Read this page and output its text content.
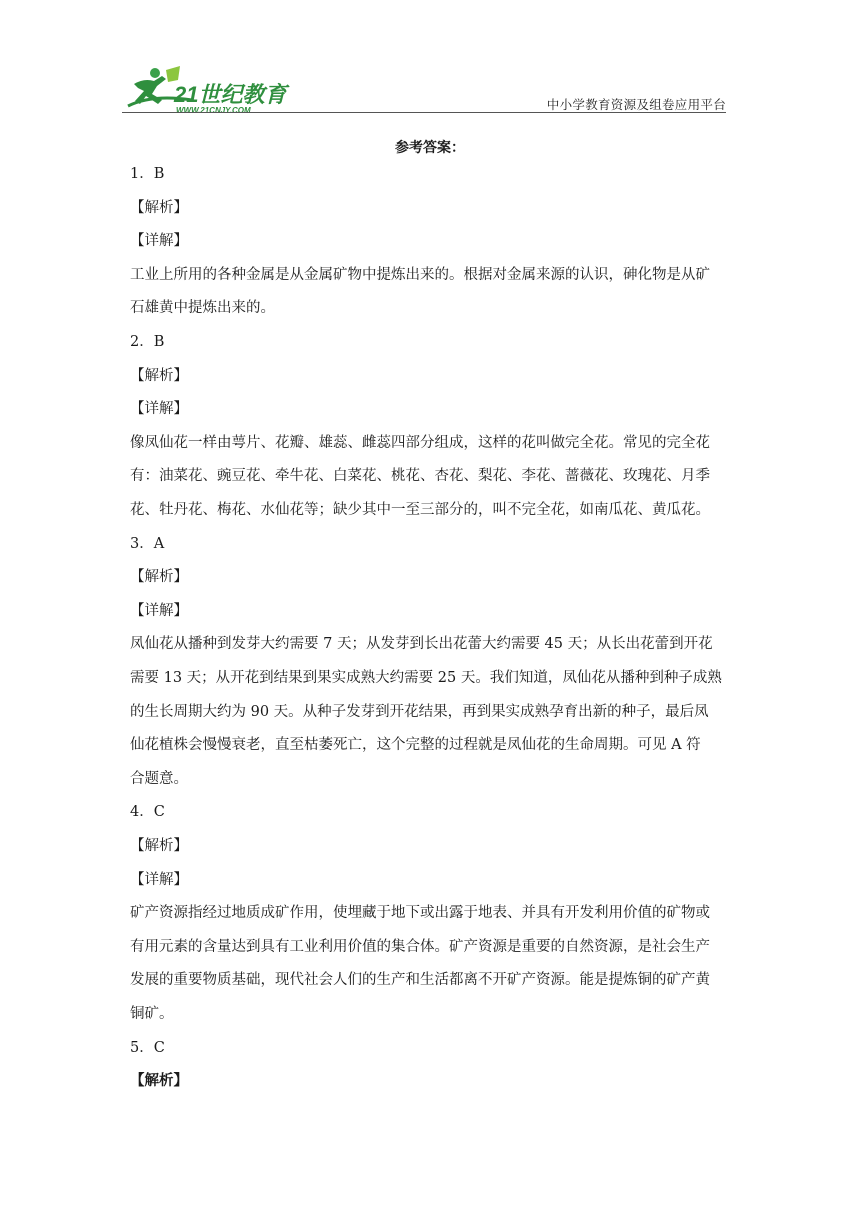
21世纪教育
WWW.21CNJY.COM	中小学教育资源及组卷应用平台
参考答案：
1．B
【解析】
【详解】
工业上所用的各种金属是从金属矿物中提炼出来的。根据对金属来源的认识，砷化物是从矿
石雄黄中提炼出来的。
2．B
【解析】
【详解】
像凤仙花一样由萼片、花瓣、雄蕊、雌蕊四部分组成，这样的花叫做完全花。常见的完全花
有：油菜花、豌豆花、牵牛花、白菜花、桃花、杏花、梨花、李花、蔷薇花、玫瑰花、月季
花、牡丹花、梅花、水仙花等；缺少其中一至三部分的，叫不完全花，如南瓜花、黄瓜花。
3．A
【解析】
【详解】
凤仙花从播种到发芽大约需要 7 天；从发芽到长出花蕾大约需要 45 天；从长出花蕾到开花
需要 13 天；从开花到结果到果实成熟大约需要 25 天。我们知道，凤仙花从播种到种子成熟
的生长周期大约为 90 天。从种子发芽到开花结果，再到果实成熟孕育出新的种子，最后凤
仙花植株会慢慢衰老，直至枯萎死亡，这个完整的过程就是凤仙花的生命周期。可见 A 符
合题意。
4．C
【解析】
【详解】
矿产资源指经过地质成矿作用，使埋藏于地下或出露于地表、并具有开发利用价值的矿物或
有用元素的含量达到具有工业利用价值的集合体。矿产资源是重要的自然资源，是社会生产
发展的重要物质基础，现代社会人们的生产和生活都离不开矿产资源。能是提炼铜的矿产黄
铜矿。
5．C
【解析】
